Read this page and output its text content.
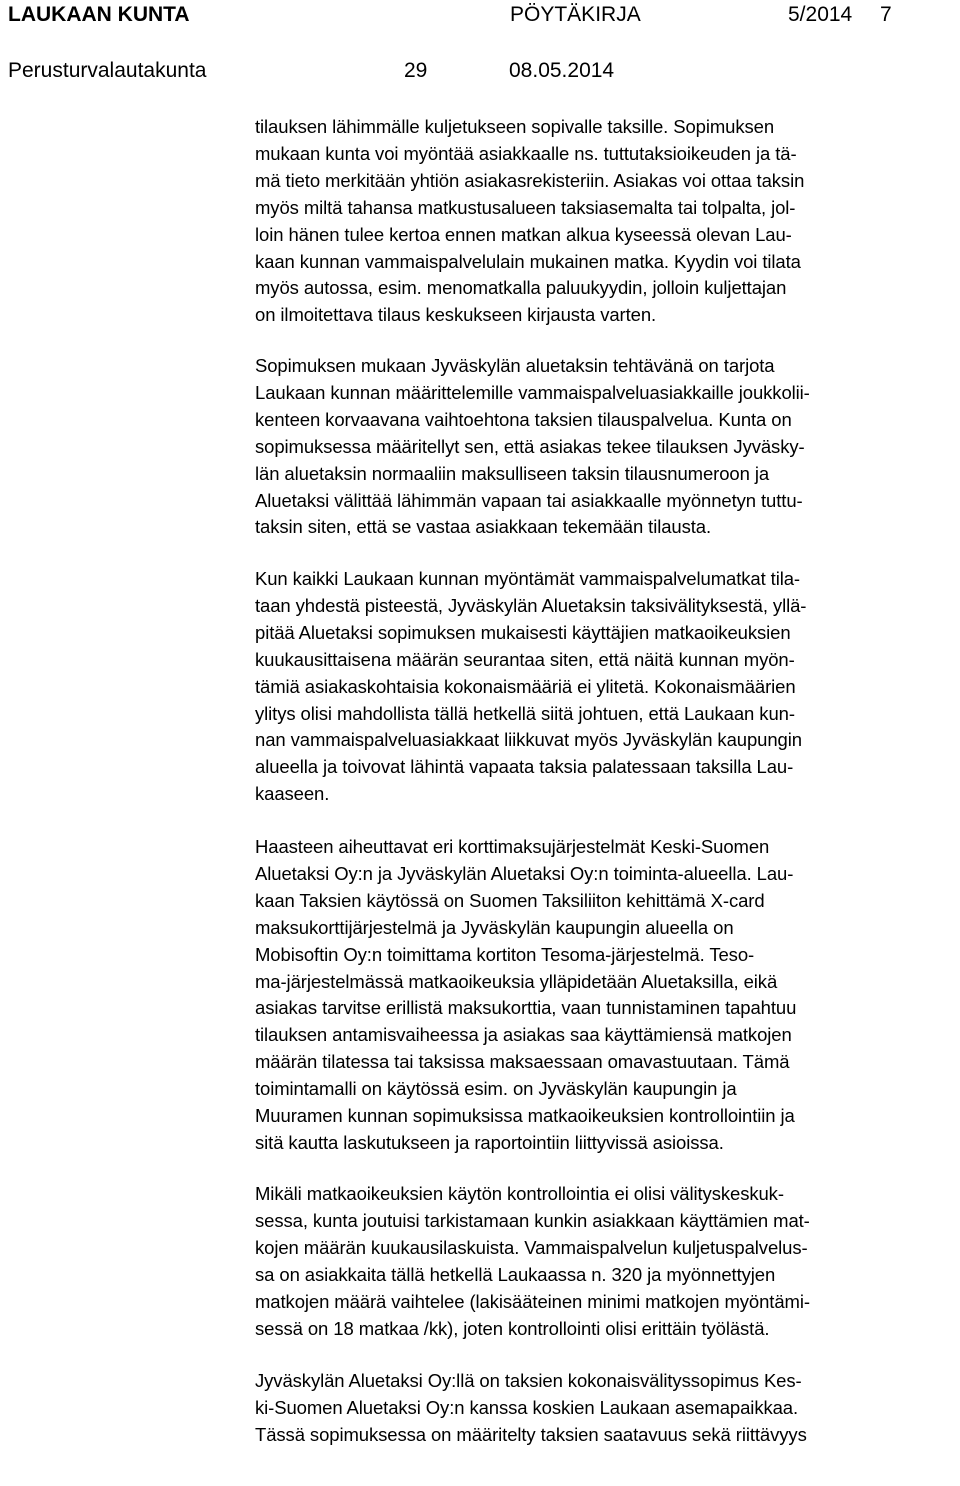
LAUKAAN KUNTA	PÖYTÄKIRJA	5/2014 7
Perusturvalautakunta	29	08.05.2014
tilauksen lähimmälle kuljetukseen sopivalle taksille. Sopimuksen
mukaan kunta voi myöntää asiakkaalle ns. tuttutaksioikeuden ja tä-
mä tieto merkitään yhtiön asiakasrekisteriin. Asiakas voi ottaa taksin
myös miltä tahansa matkustusalueen taksiasemalta tai tolpalta, jol-
loin hänen tulee kertoa ennen matkan alkua kyseessä olevan Lau-
kaan kunnan vammaispalvelulain mukainen matka. Kyydin voi tilata
myös autossa, esim. menomatkalla paluukyydin, jolloin kuljettajan
on ilmoitettava tilaus keskukseen kirjausta varten.
Sopimuksen mukaan Jyväskylän aluetaksin tehtävänä on tarjota
Laukaan kunnan määrittelemille vammaispalveluasiakkaille joukkolii-
kenteen korvaavana vaihtoehtona taksien tilauspalvelua. Kunta on
sopimuksessa määritellyt sen, että asiakas tekee tilauksen Jyväsky-
län aluetaksin normaaliin maksulliseen taksin tilausnumeroon ja
Aluetaksi välittää lähimmän vapaan tai asiakkaalle myönnetyn tuttu-
taksin siten, että se vastaa asiakkaan tekemään tilausta.
Kun kaikki Laukaan kunnan myöntämät vammaispalvelumatkat tila-
taan yhdestä pisteestä, Jyväskylän Aluetaksin taksivälityksestä, yllä-
pitää Aluetaksi sopimuksen mukaisesti käyttäjien matkaoikeuksien
kuukausittaisena määrän seurantaa siten, että näitä kunnan myön-
tämiä asiakaskohtaisia kokonaismääriä ei ylitetä. Kokonaismäärien
ylitys olisi mahdollista tällä hetkellä siitä johtuen, että Laukaan kun-
nan vammaispalveluasiakkaat liikkuvat myös Jyväskylän kaupungin
alueella ja toivovat lähintä vapaata taksia palatessaan taksilla Lau-
kaaseen.
Haasteen aiheuttavat eri korttimaksujärjestelmät Keski-Suomen
Aluetaksi Oy:n ja Jyväskylän Aluetaksi Oy:n toiminta-alueella. Lau-
kaan Taksien käytössä on Suomen Taksiliiton kehittämä X-card
maksukorttijärjestelmä ja Jyväskylän kaupungin alueella on
Mobisoftin Oy:n toimittama kortiton Tesoma-järjestelmä. Teso-
ma-järjestelmässä matkaoikeuksia ylläpidetään Aluetaksilla, eikä
asiakas tarvitse erillistä maksukorttia, vaan tunnistaminen tapahtuu
tilauksen antamisvaiheessa ja asiakas saa käyttämiensä matkojen
määrän tilatessa tai taksissa maksaessaan omavastuutaan. Tämä
toimintamalli on käytössä esim. on Jyväskylän kaupungin ja
Muuramen kunnan sopimuksissa matkaoikeuksien kontrollointiin ja
sitä kautta laskutukseen ja raportointiin liittyvissä asioissa.
Mikäli matkaoikeuksien käytön kontrollointia ei olisi välityskeskuk-
sessa, kunta joutuisi tarkistamaan kunkin asiakkaan käyttämien mat-
kojen määrän kuukausilaskuista. Vammaispalvelun kuljetuspalvelus-
sa on asiakkaita tällä hetkellä Laukaassa n. 320 ja myönnettyjen
matkojen määrä vaihtelee (lakisääteinen minimi matkojen myöntämi-
sessä on 18 matkaa /kk), joten kontrollointi olisi erittäin työlästä.
Jyväskylän Aluetaksi Oy:llä on taksien kokonaisvälityssopimus Kes-
ki-Suomen Aluetaksi Oy:n kanssa koskien Laukaan asemapaikkaa.
Tässä sopimuksessa on määritelty taksien saatavuus sekä riittävyys
